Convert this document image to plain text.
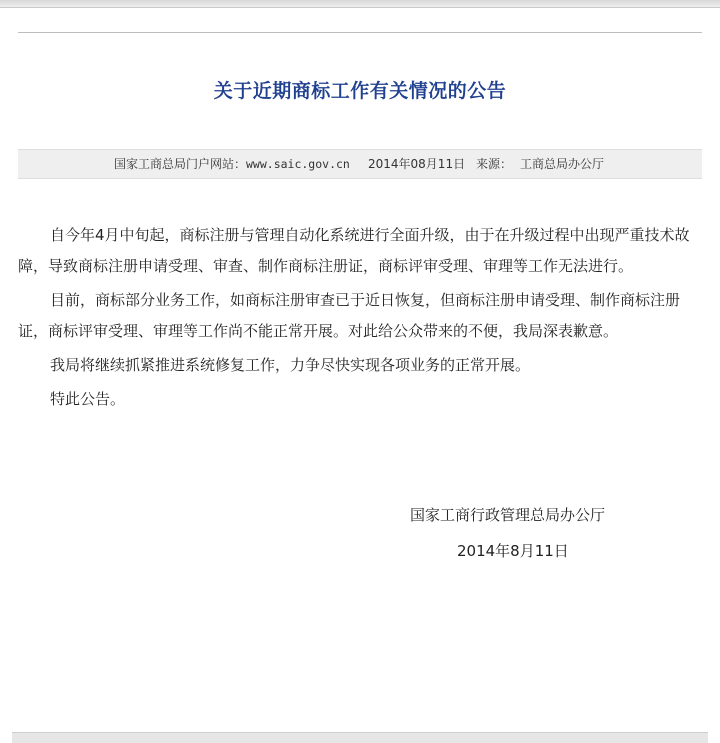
关于近期商标工作有关情况的公告
国家工商总局门户网站： www.saic.gov.cn 2014年08月11日 来源： 工商总局办公厅

自今年4月中旬起，商标注册与管理自动化系统进行全面升级，由于在升级过程中出现严重技术故障，导致商标注册申请受理、审查、制作商标注册证，商标评审受理、审理等工作无法进行。

目前，商标部分业务工作，如商标注册审查已于近日恢复，但商标注册申请受理、制作商标注册证，商标评审受理、审理等工作尚不能正常开展。对此给公众带来的不便，我局深表歉意。

我局将继续抓紧推进系统修复工作，力争尽快实现各项业务的正常开展。

特此公告。

国家工商行政管理总局办公厅
2014年8月11日
